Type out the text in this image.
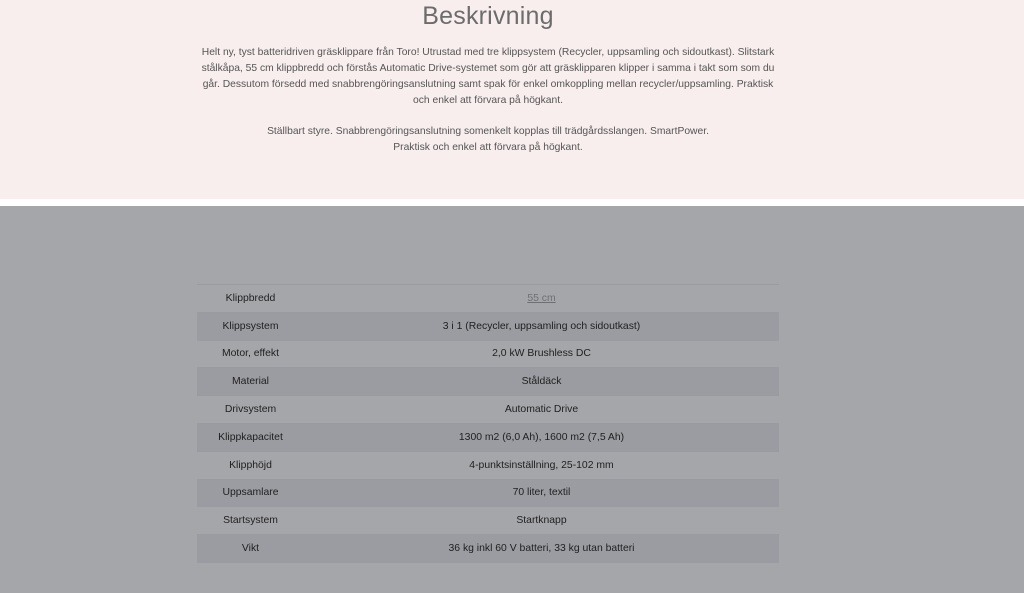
Beskrivning

Helt ny, tyst batteridriven gräsklippare från Toro! Utrustad med tre klippsystem (Recycler, uppsamling och sidoutkast). Slitstark stålkåpa, 55 cm klippbredd och förstås Automatic Drive-systemet som gör att gräsklipparen klipper i samma i takt som som du går. Dessutom försedd med snabbrengöringsanslutning samt spak för enkel omkoppling mellan recycler/uppsamling. Praktisk och enkel att förvara på högkant.

Ställbart styre. Snabbrengöringsanslutning somenkelt kopplas till trädgårdsslangen. SmartPower.
Praktisk och enkel att förvara på högkant.

Klippbredd	55 cm
Klippsystem	3 i 1 (Recycler, uppsamling och sidoutkast)
Motor, effekt	2,0 kW Brushless DC
Material	Ståldäck
Drivsystem	Automatic Drive
Klippkapacitet	1300 m2 (6,0 Ah), 1600 m2 (7,5 Ah)
Klipphöjd	4-punktsinställning, 25-102 mm
Uppsamlare	70 liter, textil
Startsystem	Startknapp
Vikt	36 kg inkl 60 V batteri, 33 kg utan batteri
